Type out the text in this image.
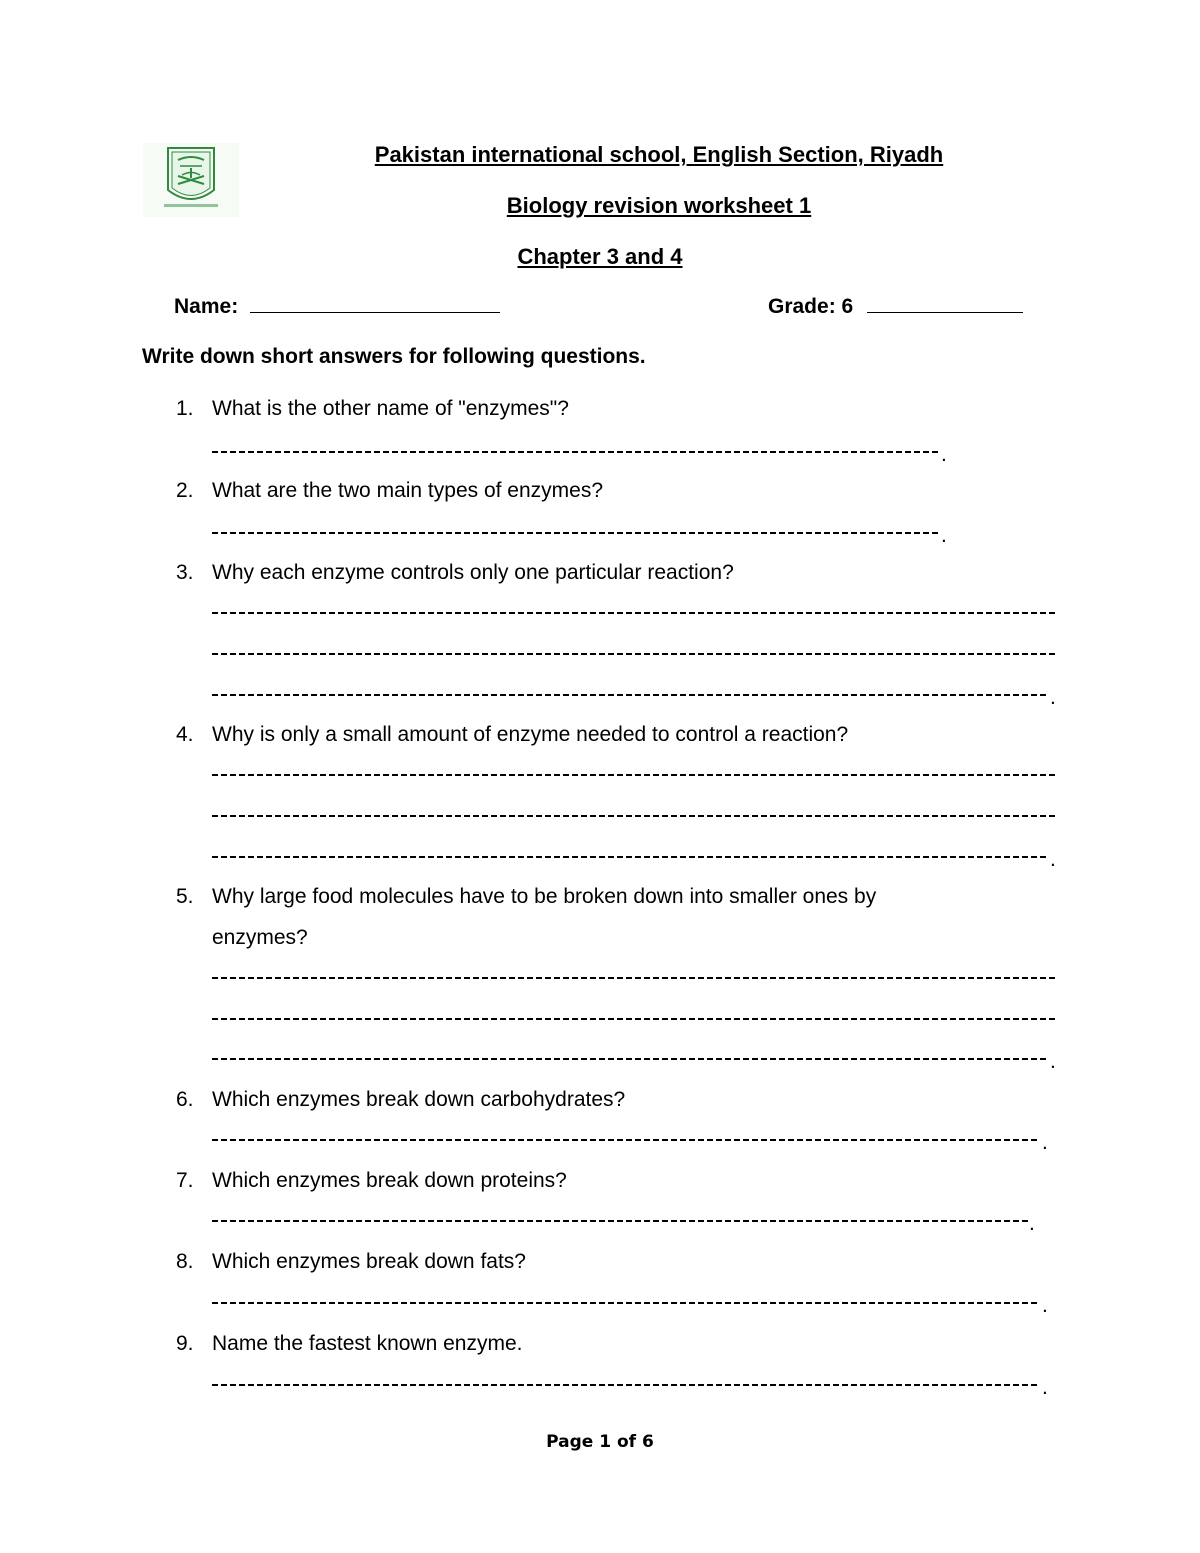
Pakistan international school, English Section, Riyadh
Biology revision worksheet 1
Chapter 3 and 4
Name:	Grade: 6
Write down short answers for following questions.
1. What is the other name of "enzymes"?
.
2. What are the two main types of enzymes?
.
3. Why each enzyme controls only one particular reaction?
.
4. Why is only a small amount of enzyme needed to control a reaction?
.
5. Why large food molecules have to be broken down into smaller ones by
enzymes?
.
6. Which enzymes break down carbohydrates?
.
7. Which enzymes break down proteins?
.
8. Which enzymes break down fats?
.
9. Name the fastest known enzyme.
.
Page 1 of 6
